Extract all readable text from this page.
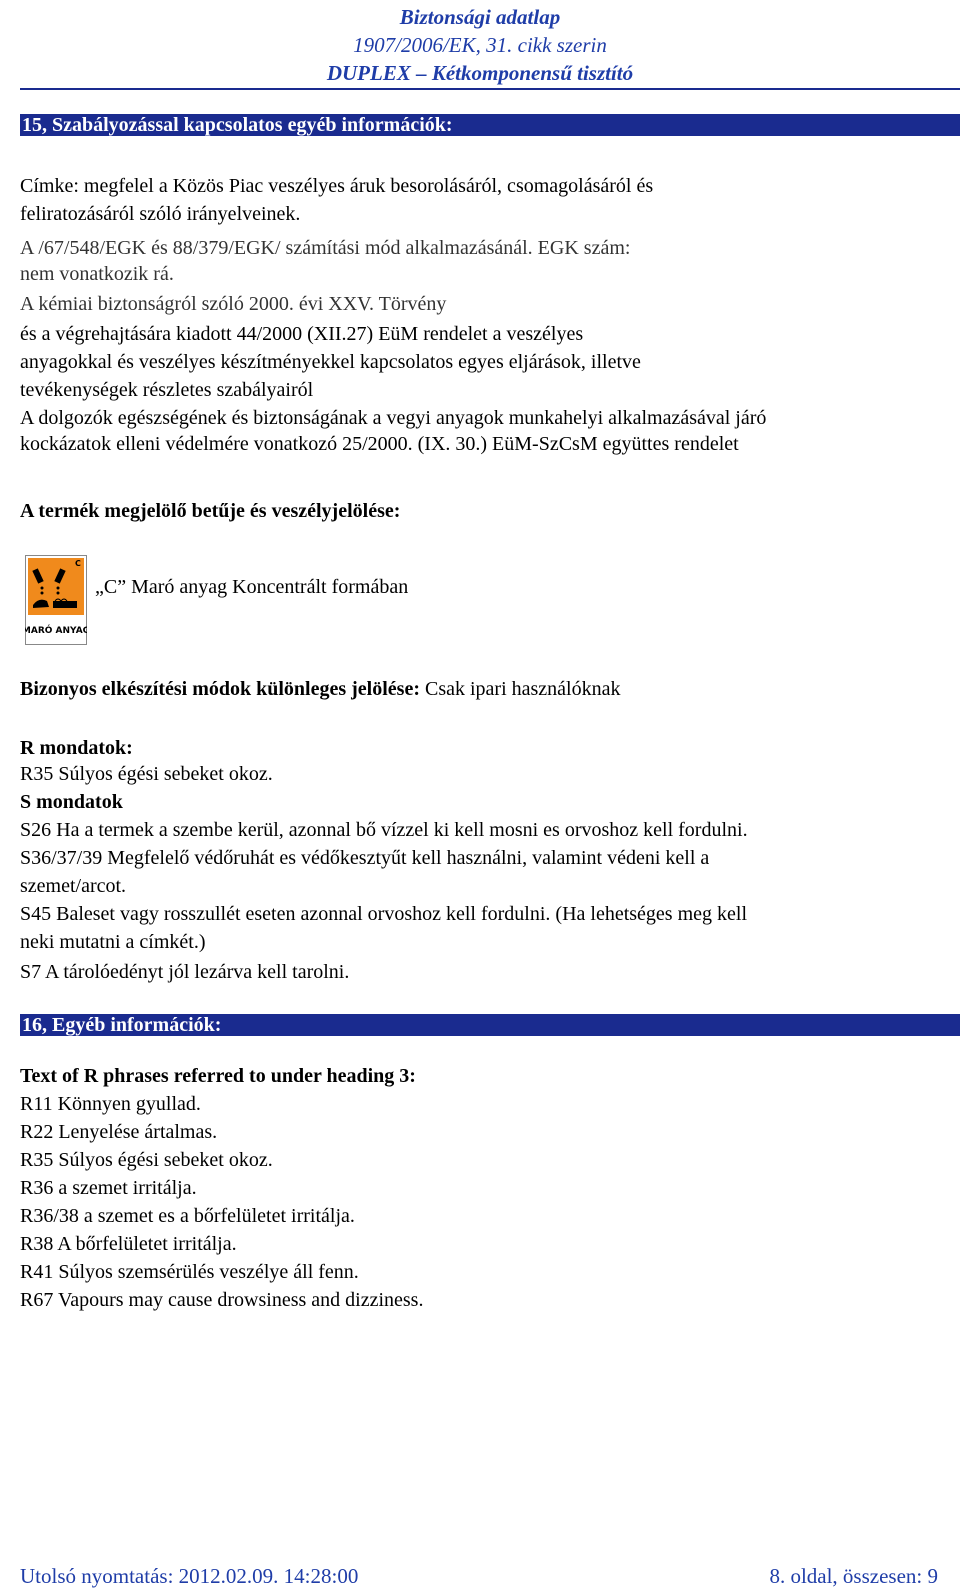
Biztonsági adatlap
1907/2006/EK, 31. cikk szerin
DUPLEX – Kétkomponensű tisztító
15, Szabályozással kapcsolatos egyéb információk:
Címke: megfelel a Közös Piac veszélyes áruk besorolásáról, csomagolásáról és
feliratozásáról szóló irányelveinek.
A /67/548/EGK és 88/379/EGK/ számítási mód alkalmazásánál. EGK szám:
nem vonatkozik rá.
A kémiai biztonságról szóló 2000. évi XXV. Törvény
és a végrehajtására kiadott 44/2000 (XII.27) EüM rendelet a veszélyes
anyagokkal és veszélyes készítményekkel kapcsolatos egyes eljárások, illetve
tevékenységek részletes szabályairól
A dolgozók egészségének és biztonságának a vegyi anyagok munkahelyi alkalmazásával járó
kockázatok elleni védelmére vonatkozó 25/2000. (IX. 30.) EüM-SzCsM együttes rendelet
A termék megjelölő betűje és veszélyjelölése:
C
MARÓ ANYAG
„C” Maró anyag Koncentrált formában
Bizonyos elkészítési módok különleges jelölése: Csak ipari használóknak
R mondatok:
R35 Súlyos égési sebeket okoz.
S mondatok
S26 Ha a termek a szembe kerül, azonnal bő vízzel ki kell mosni es orvoshoz kell fordulni.
S36/37/39 Megfelelő védőruhát es védőkesztyűt kell használni, valamint védeni kell a
szemet/arcot.
S45 Baleset vagy rosszullét eseten azonnal orvoshoz kell fordulni. (Ha lehetséges meg kell
neki mutatni a címkét.)
S7 A tárolóedényt jól lezárva kell tarolni.
16, Egyéb információk:
Text of R phrases referred to under heading 3:
R11 Könnyen gyullad.
R22 Lenyelése ártalmas.
R35 Súlyos égési sebeket okoz.
R36 a szemet irritálja.
R36/38 a szemet es a bőrfelületet irritálja.
R38 A bőrfelületet irritálja.
R41 Súlyos szemsérülés veszélye áll fenn.
R67 Vapours may cause drowsiness and dizziness.
Utolsó nyomtatás: 2012.02.09. 14:28:00	8. oldal, összesen: 9
